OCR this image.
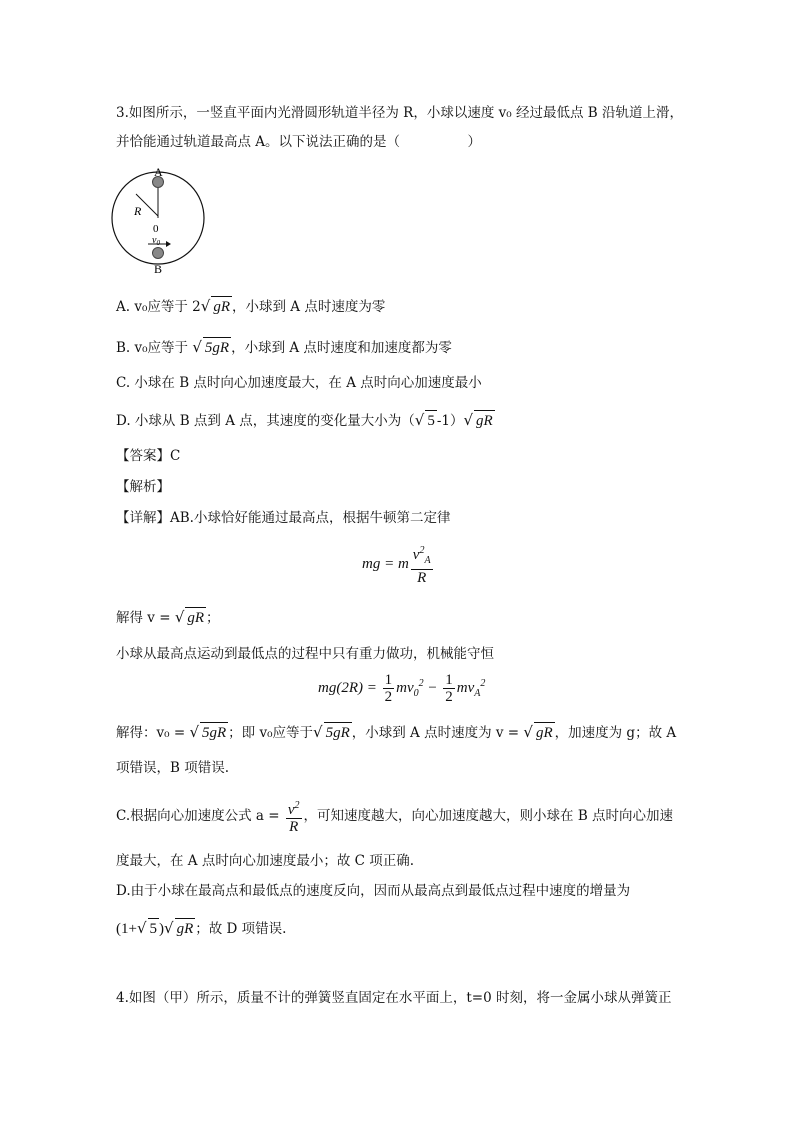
3.如图所示，一竖直平面内光滑圆形轨道半径为 R，小球以速度 v₀ 经过最低点 B 沿轨道上滑，
并恰能通过轨道最高点 A。以下说法正确的是（　　　　　）
A
R
0
$v_0$
B
A. v₀应等于 2√ gR ，小球到 A 点时速度为零
B. v₀应等于 √ 5gR ，小球到 A 点时速度和加速度都为零
C. 小球在 B 点时向心加速度最大，在 A 点时向心加速度最小
D. 小球从 B 点到 A 点，其速度的变化量大小为（√ 5 -1）√ gR
【答案】C
【解析】
【详解】AB.小球恰好能通过最高点，根据牛顿第二定律
mg = m $\frac{v^2_A}{R}$
解得 v = √ gR ；
小球从最高点运动到最低点的过程中只有重力做功，机械能守恒
$mg(2R) = \frac{1}{2} mv_0^2 - \frac{1}{2} mv_A^2$
解得：v₀ = √ 5gR ；即 v₀应等于√ 5gR ，小球到 A 点时速度为 v = √ gR ，加速度为 g；故 A
项错误，B 项错误.
C.根据向心加速度公式 $a = \frac{v^2}{R}$ ，可知速度越大，向心加速度越大，则小球在 B 点时向心加速
度最大，在 A 点时向心加速度最小；故 C 项正确.
D.由于小球在最高点和最低点的速度反向，因而从最高点到最低点过程中速度的增量为
(1+√ 5 )√ gR ；故 D 项错误.
4.如图（甲）所示，质量不计的弹簧竖直固定在水平面上，t=0 时刻，将一金属小球从弹簧正
